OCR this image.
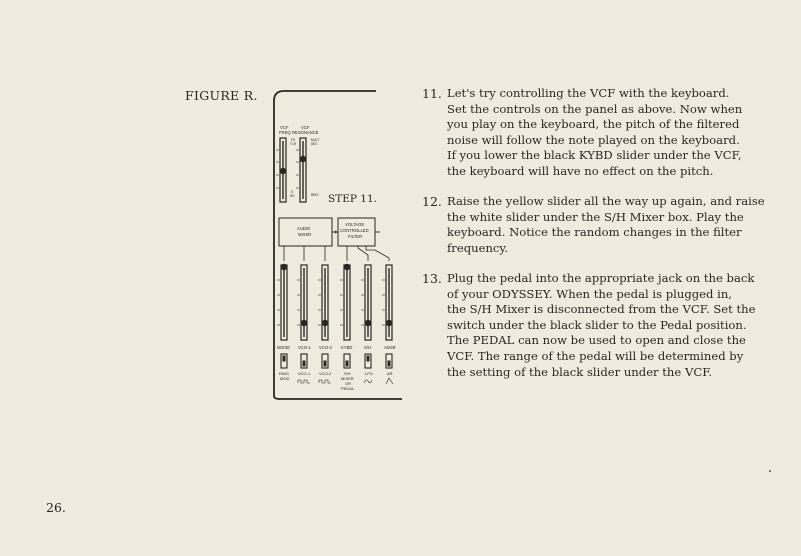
FIGURE R.
VCF
FREQ
VCF
RESONANCE
FS
TLR
MULT
DEC
S
SH	BRIS STEP 11.
AUDIO
MIXER
VOLTAGE
CONTROLLED
FILTER
NOISE VCO-1 VCO-2 KYBD	S/H	ADSR
RING
MOD
VCO-1 VCO-2	S/H
MIXER
OR
PEDAL
LFO	AR
11. Let's try controlling the VCF with the keyboard.
Set the controls on the panel as above. Now when
you play on the keyboard, the pitch of the filtered
noise will follow the note played on the keyboard.
If you lower the black KYBD slider under the VCF,
the keyboard will have no effect on the pitch.
12. Raise the yellow slider all the way up again, and raise
the white slider under the S/H Mixer box. Play the
keyboard. Notice the random changes in the filter
frequency.
13. Plug the pedal into the appropriate jack on the back
of your ODYSSEY. When the pedal is plugged in,
the S/H Mixer is disconnected from the VCF. Set the
switch under the black slider to the Pedal position.
The PEDAL can now be used to open and close the
VCF. The range of the pedal will be determined by
the setting of the black slider under the VCF.
26.
